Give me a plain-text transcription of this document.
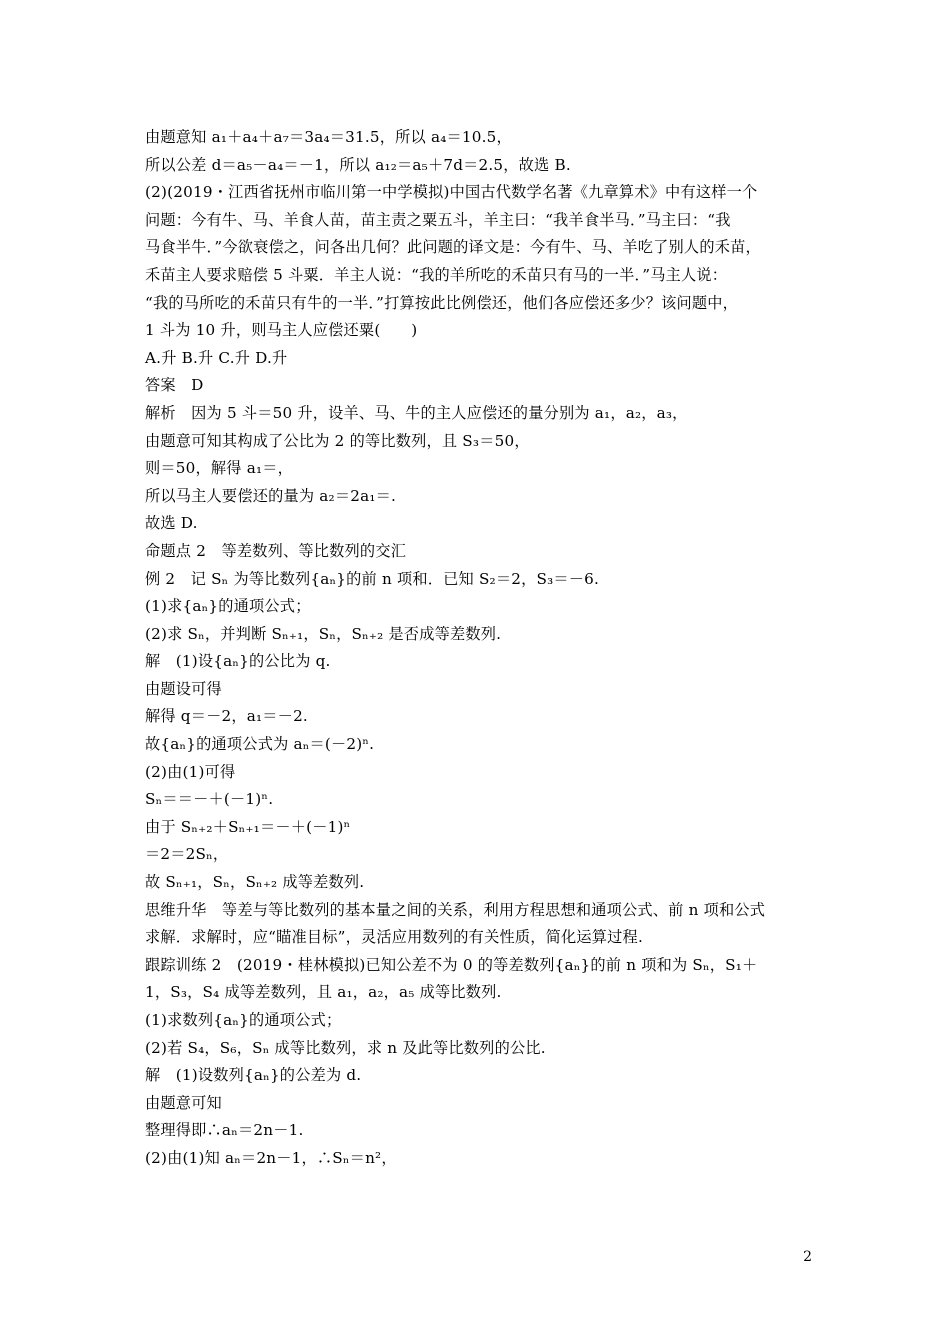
由题意知 a₁＋a₄＋a₇＝3a₄＝31.5，所以 a₄＝10.5，
所以公差 d＝a₅－a₄＝－1，所以 a₁₂＝a₅＋7d＝2.5，故选 B.
(2)(2019・江西省抚州市临川第一中学模拟)中国古代数学名著《九章算术》中有这样一个
问题：今有牛、马、羊食人苗，苗主责之粟五斗，羊主曰：“我羊食半马．”马主曰：“我
马食半牛．”今欲衰偿之，问各出几何？此问题的译文是：今有牛、马、羊吃了别人的禾苗，
禾苗主人要求赔偿 5 斗粟．羊主人说：“我的羊所吃的禾苗只有马的一半．”马主人说：
“我的马所吃的禾苗只有牛的一半．”打算按此比例偿还，他们各应偿还多少？该问题中，
1 斗为 10 升，则马主人应偿还粟(　　)
A.升 B.升 C.升 D.升
答案　D
解析　因为 5 斗＝50 升，设羊、马、牛的主人应偿还的量分别为 a₁，a₂，a₃，
由题意可知其构成了公比为 2 的等比数列，且 S₃＝50，
则＝50，解得 a₁＝，
所以马主人要偿还的量为 a₂＝2a₁＝.
故选 D.
命题点 2　等差数列、等比数列的交汇
例 2　记 Sₙ 为等比数列{aₙ}的前 n 项和．已知 S₂＝2，S₃＝－6.
(1)求{aₙ}的通项公式；
(2)求 Sₙ，并判断 Sₙ₊₁，Sₙ，Sₙ₊₂ 是否成等差数列.
解　(1)设{aₙ}的公比为 q.
由题设可得
解得 q＝－2，a₁＝－2.
故{aₙ}的通项公式为 aₙ＝(－2)ⁿ.
(2)由(1)可得
Sₙ＝＝－＋(－1)ⁿ.
由于 Sₙ₊₂＋Sₙ₊₁＝－＋(－1)ⁿ
＝2＝2Sₙ，
故 Sₙ₊₁，Sₙ，Sₙ₊₂ 成等差数列.
思维升华　等差与等比数列的基本量之间的关系，利用方程思想和通项公式、前 n 项和公式
求解．求解时，应“瞄准目标”，灵活应用数列的有关性质，简化运算过程.
跟踪训练 2　(2019・桂林模拟)已知公差不为 0 的等差数列{aₙ}的前 n 项和为 Sₙ，S₁＋
1，S₃，S₄ 成等差数列，且 a₁，a₂，a₅ 成等比数列.
(1)求数列{aₙ}的通项公式；
(2)若 S₄，S₆，Sₙ 成等比数列，求 n 及此等比数列的公比.
解　(1)设数列{aₙ}的公差为 d.
由题意可知
整理得即∴aₙ＝2n－1.
(2)由(1)知 aₙ＝2n－1，∴Sₙ＝n²，
2
